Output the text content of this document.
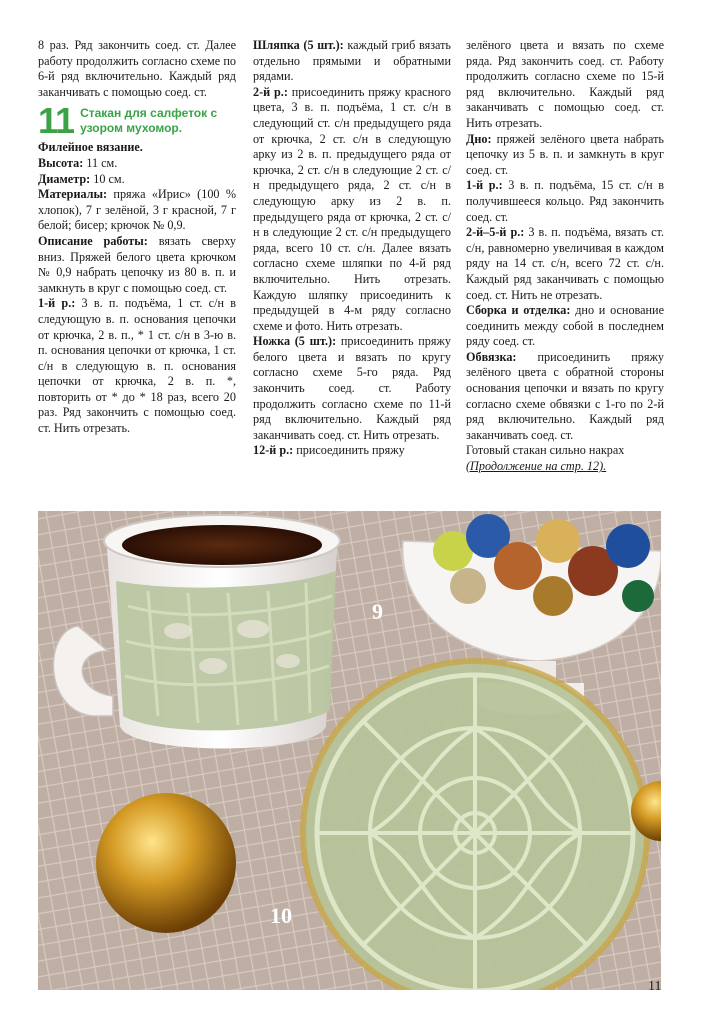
8 раз. Ряд закончить соед. ст. Далее работу продолжить согласно схеме по 6-й ряд включительно. Каждый ряд заканчивать с помощью соед. ст.

11 Стакан для салфеток с узором мухомор.

Филейное вязание.

Высота: 11 см.

Диаметр: 10 см.

Материалы: пряжа «Ирис» (100 % хлопок), 7 г зелёной, 3 г красной, 7 г белой; бисер; крючок № 0,9.

Описание работы: вязать сверху вниз. Пряжей белого цвета крючком № 0,9 набрать цепочку из 80 в. п. и замкнуть в круг с помощью соед. ст.

1-й р.: 3 в. п. подъёма, 1 ст. с/н в следующую в. п. основания цепочки от крючка, 2 в. п., * 1 ст. с/н в 3-ю в. п. основания цепочки от крючка, 1 ст. с/н в следующую в. п. основания цепочки от крючка, 2 в. п. *, повторить от * до * 18 раз, всего 20 раз. Ряд закончить с помощью соед. ст. Нить отрезать.

Шляпка (5 шт.): каждый гриб вязать отдельно прямыми и обратными рядами.

2-й р.: присоединить пряжу красного цвета, 3 в. п. подъёма, 1 ст. с/н в следующий ст. с/н предыдущего ряда от крючка, 2 ст. с/н в следующую арку из 2 в. п. предыдущего ряда от крючка, 2 ст. с/н в следующие 2 ст. с/н предыдущего ряда, 2 ст. с/н в следующую арку из 2 в. п. предыдущего ряда от крючка, 2 ст. с/н в следующие 2 ст. с/н предыдущего ряда, всего 10 ст. с/н. Далее вязать согласно схеме шляпки по 4-й ряд включительно. Нить отрезать. Каждую шляпку присоединить к предыдущей в 4-м ряду согласно схеме и фото. Нить отрезать.

Ножка (5 шт.): присоединить пряжу белого цвета и вязать по кругу согласно схеме 5-го ряда. Ряд закончить соед. ст. Работу продолжить согласно схеме по 11-й ряд включительно. Каждый ряд заканчивать соед. ст. Нить отрезать.

12-й р.: присоединить пряжу

зелёного цвета и вязать по схеме ряда. Ряд закончить соед. ст. Работу продолжить согласно схеме по 15-й ряд включительно. Каждый ряд заканчивать с помощью соед. ст. Нить отрезать.

Дно: пряжей зелёного цвета набрать цепочку из 5 в. п. и замкнуть в круг соед. ст.

1-й р.: 3 в. п. подъёма, 15 ст. с/н в получившееся кольцо. Ряд закончить соед. ст.

2-й–5-й р.: 3 в. п. подъёма, вязать ст. с/н, равномерно увеличивая в каждом ряду на 14 ст. с/н, всего 72 ст. с/н. Каждый ряд заканчивать с помощью соед. ст. Нить не отрезать.

Сборка и отделка: дно и основание соединить между собой в последнем ряду соед. ст.

Обвязка: присоединить пряжу зелёного цвета с обратной стороны основания цепочки и вязать по кругу согласно схеме обвязки с 1-го по 2-й ряд включительно. Каждый ряд заканчивать соед. ст.

Готовый стакан сильно накрах

(Продолжение на стр. 12).

9
10
11
